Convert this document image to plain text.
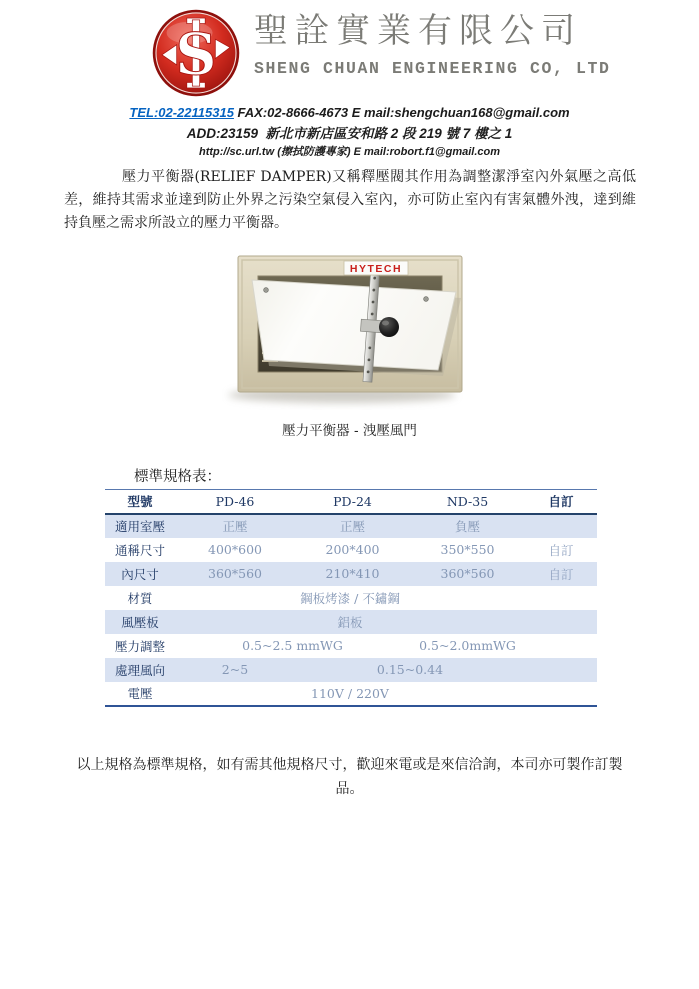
S 聖詮實業有限公司
SHENG CHUAN ENGINEERING CO, LTD
TEL:02-22115315 FAX:02-8666-4673 E mail:shengchuan168@gmail.com
ADD:23159  新北市新店區安和路 2 段 219 號 7 樓之 1
http://sc.url.tw (擦拭防護專家) E mail:robort.f1@gmail.com

壓力平衡器(RELIEF DAMPER)又稱釋壓閥其作用為調整潔淨室內外氣壓之高低差，維持其需求並達到防止外界之污染空氣侵入室內，亦可防止室內有害氣體外洩，達到維持負壓之需求所設立的壓力平衡器。

HYTECH
壓力平衡器 - 洩壓風門
標準規格表：
型號	PD-46	PD-24	ND-35	自訂
適用室壓	正壓	正壓	負壓	
通稱尺寸	400*600	200*400	350*550	自訂
內尺寸	360*560	210*410	360*560	自訂
材質	鋼板烤漆 / 不鏽鋼			
風壓板	鋁板			
壓力調整	0.5~2.5 mmWG		0.5~2.0mmWG	
處理風向	2~5	0.15~0.44		
電壓	110V / 220V			

以上規格為標準規格，如有需其他規格尺寸，歡迎來電或是來信洽詢，本司亦可製作訂製品。
